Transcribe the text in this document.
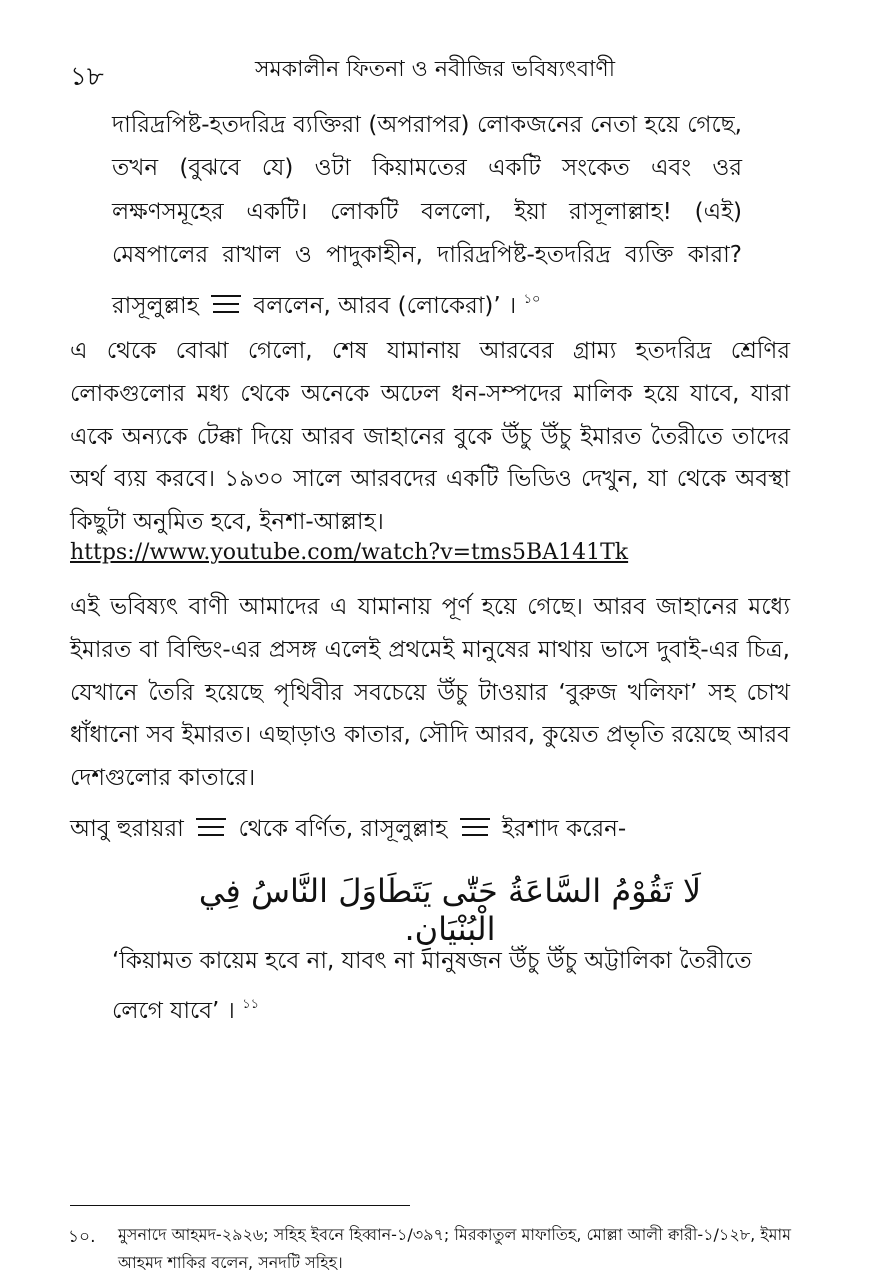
১৮	সমকালীন ফিতনা ও নবীজির ভবিষ্যৎবাণী
দারিদ্রপিষ্ট-হতদরিদ্র ব্যক্তিরা (অপরাপর) লোকজনের নেতা হয়ে গেছে, তখন (বুঝবে যে) ওটা কিয়ামতের একটি সংকেত এবং ওর লক্ষণসমূহের একটি। লোকটি বললো, ইয়া রাসূলাল্লাহ! (এই) মেষপালের রাখাল ও পাদুকাহীন, দারিদ্রপিষ্ট-হতদরিদ্র ব্যক্তি কারা? রাসূলুল্লাহ  বললেন, আরব (লোকেরা)’ । $^{১০}$
এ থেকে বোঝা গেলো, শেষ যামানায় আরবের গ্রাম্য হতদরিদ্র শ্রেণির লোকগুলোর মধ্য থেকে অনেকে অঢেল ধন-সম্পদের মালিক হয়ে যাবে, যারা একে অন্যকে টেক্কা দিয়ে আরব জাহানের বুকে উঁচু উঁচু ইমারত তৈরীতে তাদের অর্থ ব্যয় করবে। ১৯৩০ সালে আরবদের একটি ভিডিও দেখুন, যা থেকে অবস্থা কিছুটা অনুমিত হবে, ইনশা-আল্লাহ।
https://www.youtube.com/watch?v=tms5BA141Tk
এই ভবিষ্যৎ বাণী আমাদের এ যামানায় পূর্ণ হয়ে গেছে। আরব জাহানের মধ্যে ইমারত বা বিল্ডিং-এর প্রসঙ্গ এলেই প্রথমেই মানুষের মাথায় ভাসে দুবাই-এর চিত্র, যেখানে তৈরি হয়েছে পৃথিবীর সবচেয়ে উঁচু টাওয়ার ‘বুরুজ খলিফা’ সহ চোখ ধাঁধানো সব ইমারত। এছাড়াও কাতার, সৌদি আরব, কুয়েত প্রভৃতি রয়েছে আরব দেশগুলোর কাতারে।
আবু হুরায়রা  থেকে বর্ণিত, রাসূলুল্লাহ  ইরশাদ করেন-
لَا تَقُوْمُ السَّاعَةُ حَتّٰى يَتَطَاوَلَ النَّاسُ فِي الْبُنْيَانِ.
‘কিয়ামত কায়েম হবে না, যাবৎ না মানুষজন উঁচু উঁচু অট্টালিকা তৈরীতে লেগে যাবে’ । $^{১১}$
১০. মুসনাদে আহমদ-২৯২৬; সহিহ ইবনে হিব্বান-১/৩৯৭; মিরকাতুল মাফাতিহ, মোল্লা আলী ক্বারী-১/১২৮, ইমাম আহমদ শাকির বলেন, সনদটি সহিহ।
